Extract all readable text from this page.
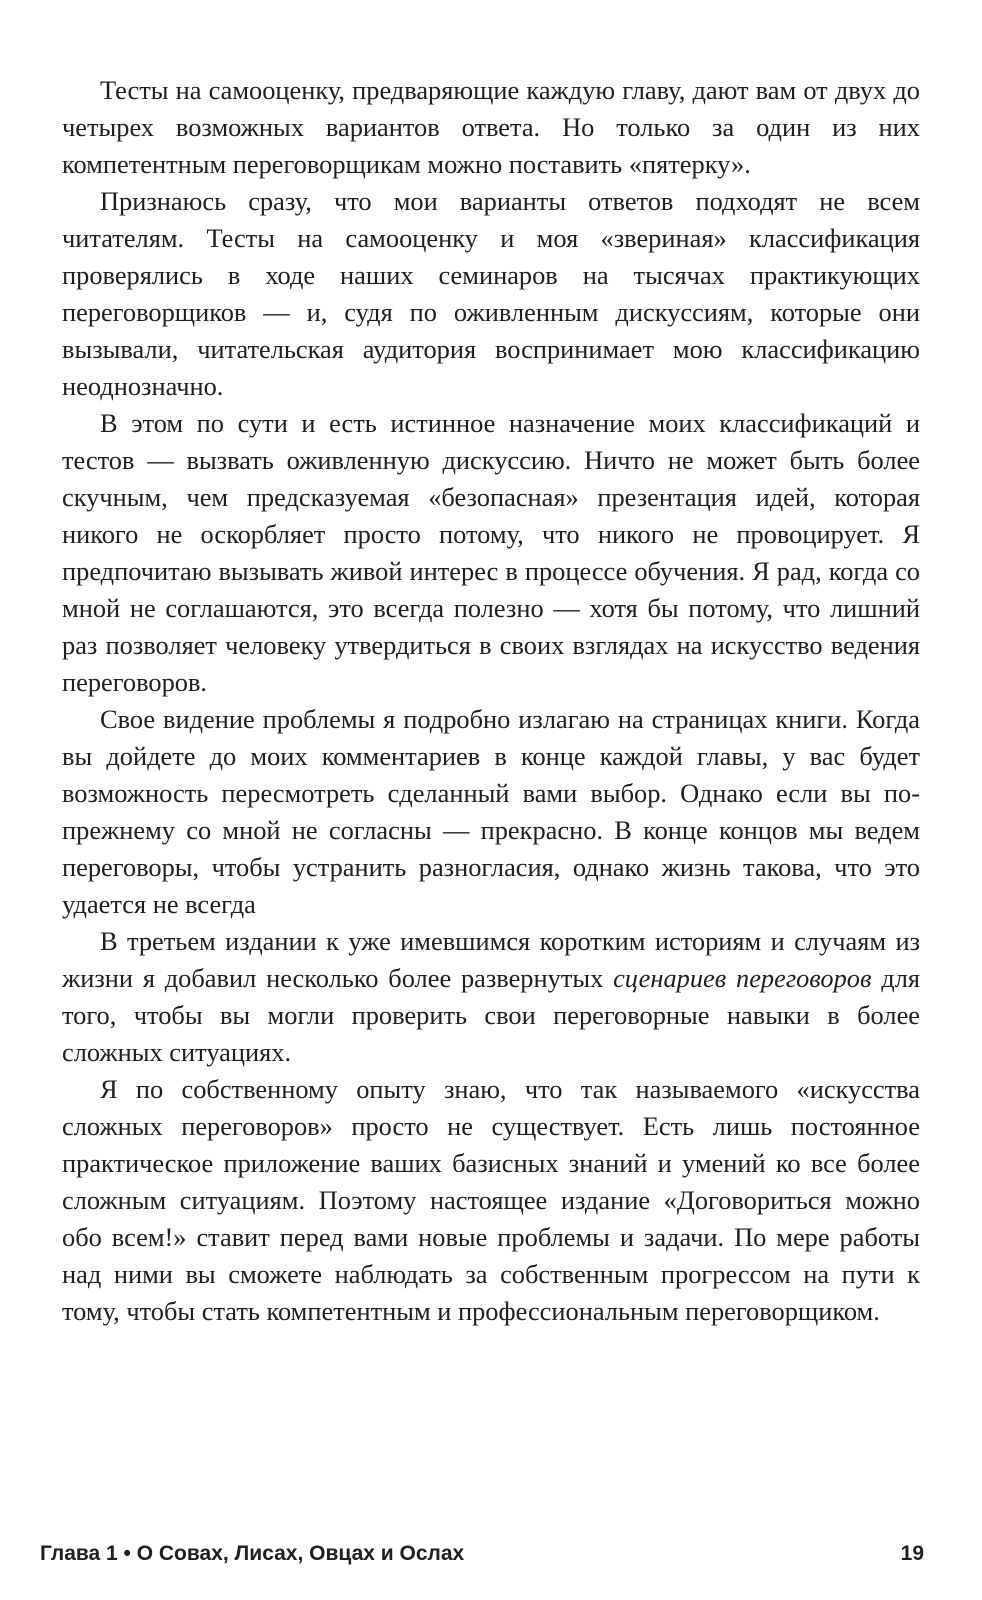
Тесты на самооценку, предваряющие каждую главу, дают вам от двух до четырех возможных вариантов ответа. Но только за один из них компетентным переговорщикам можно поставить «пятерку».

Признаюсь сразу, что мои варианты ответов подходят не всем читателям. Тесты на самооценку и моя «звериная» классификация проверялись в ходе наших семинаров на тысячах практикующих переговорщиков — и, судя по оживленным дискуссиям, которые они вызывали, читательская аудитория воспринимает мою классификацию неоднозначно.

В этом по сути и есть истинное назначение моих классификаций и тестов — вызвать оживленную дискуссию. Ничто не может быть более скучным, чем предсказуемая «безопасная» презентация идей, которая никого не оскорбляет просто потому, что никого не провоцирует. Я предпочитаю вызывать живой интерес в процессе обучения. Я рад, когда со мной не соглашаются, это всегда полезно — хотя бы потому, что лишний раз позволяет человеку утвердиться в своих взглядах на искусство ведения переговоров.

Свое видение проблемы я подробно излагаю на страницах книги. Когда вы дойдете до моих комментариев в конце каждой главы, у вас будет возможность пересмотреть сделанный вами выбор. Однако если вы по-прежнему со мной не согласны — прекрасно. В конце концов мы ведем переговоры, чтобы устранить разногласия, однако жизнь такова, что это удается не всегда

В третьем издании к уже имевшимся коротким историям и случаям из жизни я добавил несколько более развернутых сценариев переговоров для того, чтобы вы могли проверить свои переговорные навыки в более сложных ситуациях.

Я по собственному опыту знаю, что так называемого «искусства сложных переговоров» просто не существует. Есть лишь постоянное практическое приложение ваших базисных знаний и умений ко все более сложным ситуациям. Поэтому настоящее издание «Договориться можно обо всем!» ставит перед вами новые проблемы и задачи. По мере работы над ними вы сможете наблюдать за собственным прогрессом на пути к тому, чтобы стать компетентным и профессиональным переговорщиком.

Глава 1 • О Совах, Лисах, Овцах и Ослах	19
